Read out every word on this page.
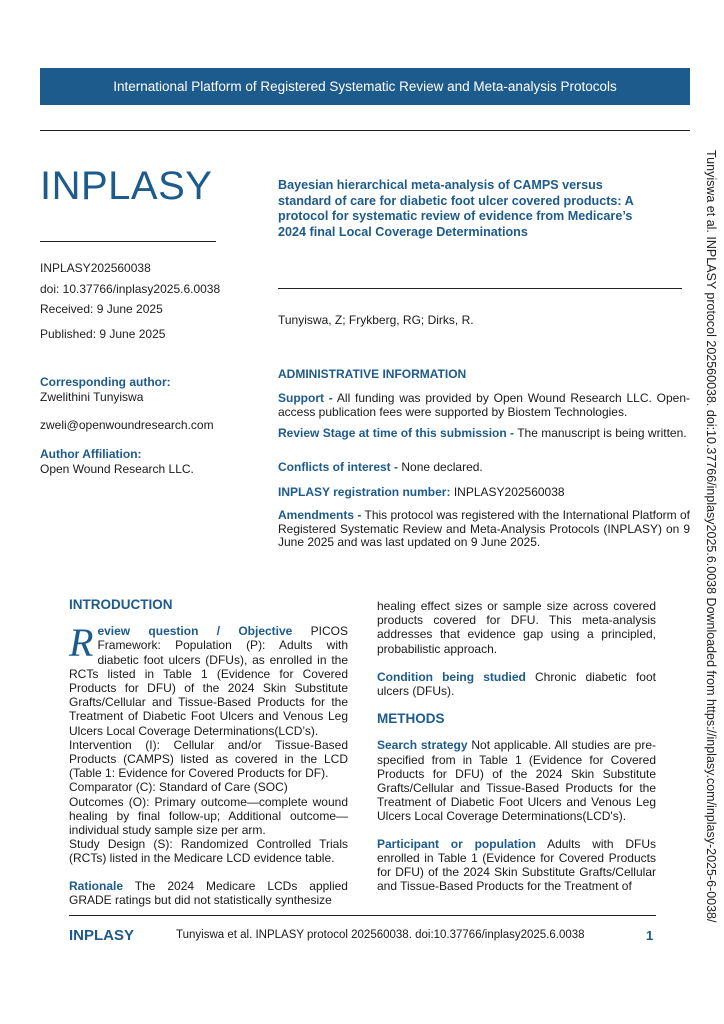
International Platform of Registered Systematic Review and Meta-analysis Protocols
INPLASY
INPLASY202560038
doi: 10.37766/inplasy2025.6.0038
Received: 9 June 2025
Published: 9 June 2025
Bayesian hierarchical meta-analysis of CAMPS versus standard of care for diabetic foot ulcer covered products: A protocol for systematic review of evidence from Medicare’s 2024 final Local Coverage Determinations
Tunyiswa, Z; Frykberg, RG; Dirks, R.
Corresponding author:
Zwelithini Tunyiswa
zweli@openwoundresearch.com
Author Affiliation:
Open Wound Research LLC.
ADMINISTRATIVE INFORMATION
Support - All funding was provided by Open Wound Research LLC. Open-access publication fees were supported by Biostem Technologies.
Review Stage at time of this submission - The manuscript is being written.
Conflicts of interest - None declared.
INPLASY registration number: INPLASY202560038
Amendments - This protocol was registered with the International Platform of Registered Systematic Review and Meta-Analysis Protocols (INPLASY) on 9 June 2025 and was last updated on 9 June 2025.	Tunyiswa et al. INPLASY protocol 202560038. doi:10.37766/inplasy2025.6.0038 Downloaded from https://inplasy.com/inplasy-2025-6-0038/
INTRODUCTION
R eview question / Objective PICOS Framework: Population (P): Adults with diabetic foot ulcers (DFUs), as enrolled in the RCTs listed in Table 1 (Evidence for Covered Products for DFU) of the 2024 Skin Substitute Grafts/Cellular and Tissue-Based Products for the Treatment of Diabetic Foot Ulcers and Venous Leg Ulcers Local Coverage Determinations(LCD’s).
Intervention (I): Cellular and/or Tissue-Based Products (CAMPS) listed as covered in the LCD (Table 1: Evidence for Covered Products for DF).
Comparator (C): Standard of Care (SOC)
Outcomes (O): Primary outcome—complete wound healing by final follow-up; Additional outcome—individual study sample size per arm.
Study Design (S): Randomized Controlled Trials (RCTs) listed in the Medicare LCD evidence table.
Rationale The 2024 Medicare LCDs applied GRADE ratings but did not statistically synthesize
healing effect sizes or sample size across covered products covered for DFU. This meta-analysis addresses that evidence gap using a principled, probabilistic approach.
Condition being studied Chronic diabetic foot ulcers (DFUs).
METHODS
Search strategy Not applicable. All studies are pre-specified from in Table 1 (Evidence for Covered Products for DFU) of the 2024 Skin Substitute Grafts/Cellular and Tissue-Based Products for the Treatment of Diabetic Foot Ulcers and Venous Leg Ulcers Local Coverage Determinations(LCD's).
Participant or population Adults with DFUs enrolled in Table 1 (Evidence for Covered Products for DFU) of the 2024 Skin Substitute Grafts/Cellular and Tissue-Based Products for the Treatment of
INPLASY	Tunyiswa et al. INPLASY protocol 202560038. doi:10.37766/inplasy2025.6.0038	1
